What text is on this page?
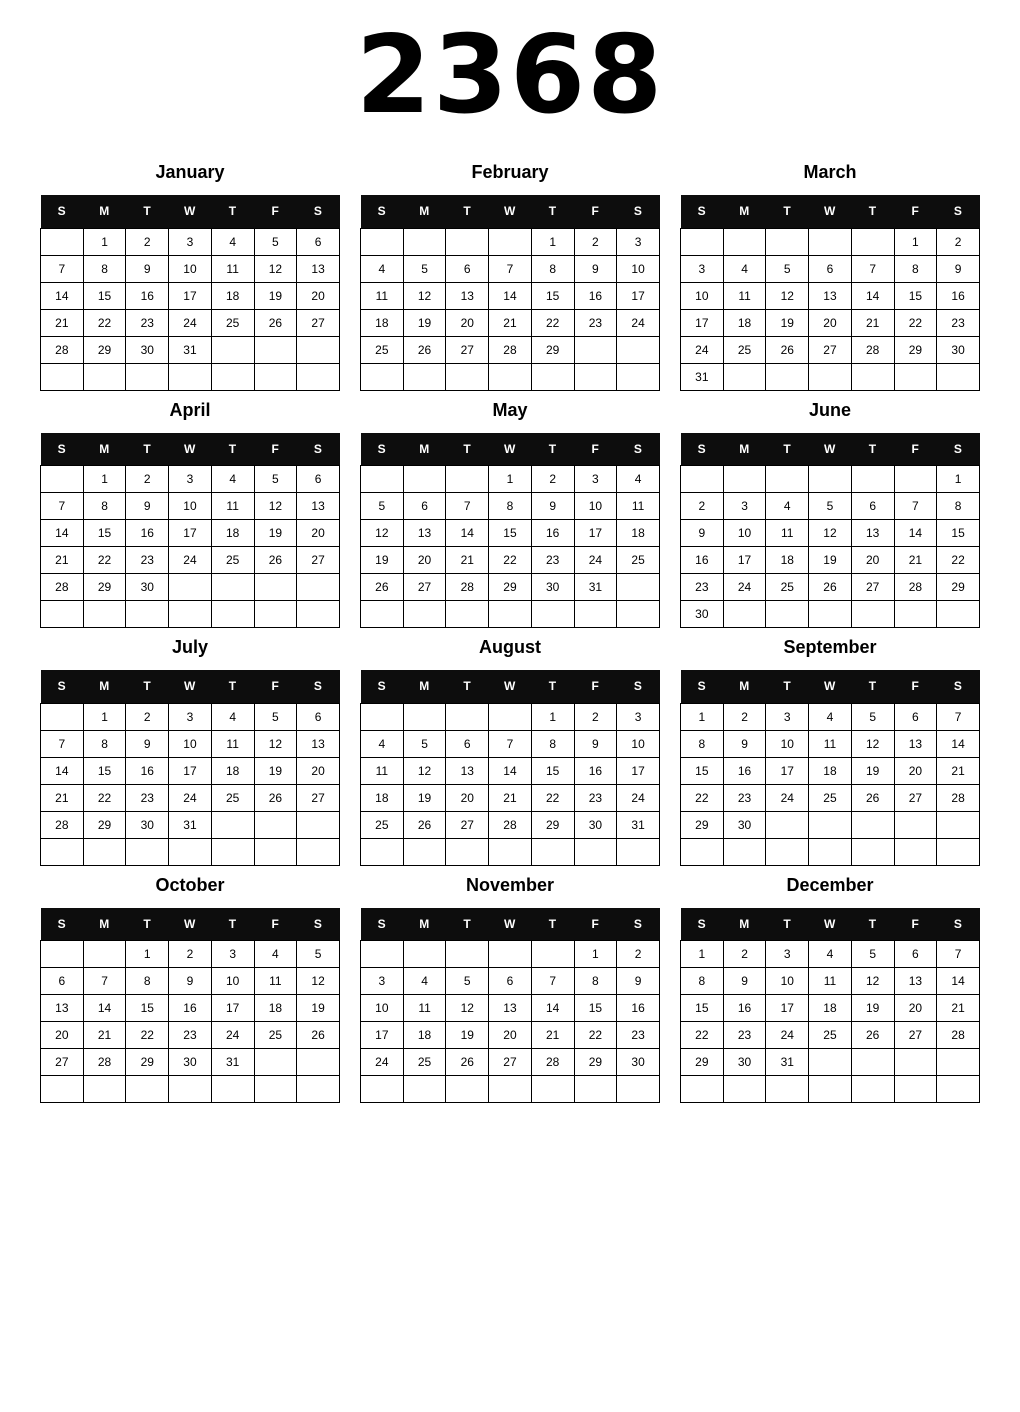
2368
January
S	M	T	W	T	F	S
	1	2	3	4	5	6
7	8	9	10	11	12	13
14	15	16	17	18	19	20
21	22	23	24	25	26	27
28	29	30	31			

February
S	M	T	W	T	F	S
				1	2	3
4	5	6	7	8	9	10
11	12	13	14	15	16	17
18	19	20	21	22	23	24
25	26	27	28	29		

March
S	M	T	W	T	F	S
					1	2
3	4	5	6	7	8	9
10	11	12	13	14	15	16
17	18	19	20	21	22	23
24	25	26	27	28	29	30
31						
April
S	M	T	W	T	F	S
	1	2	3	4	5	6
7	8	9	10	11	12	13
14	15	16	17	18	19	20
21	22	23	24	25	26	27
28	29	30				

May
S	M	T	W	T	F	S
			1	2	3	4
5	6	7	8	9	10	11
12	13	14	15	16	17	18
19	20	21	22	23	24	25
26	27	28	29	30	31	

June
S	M	T	W	T	F	S
						1
2	3	4	5	6	7	8
9	10	11	12	13	14	15
16	17	18	19	20	21	22
23	24	25	26	27	28	29
30						
July
S	M	T	W	T	F	S
	1	2	3	4	5	6
7	8	9	10	11	12	13
14	15	16	17	18	19	20
21	22	23	24	25	26	27
28	29	30	31			

August
S	M	T	W	T	F	S
				1	2	3
4	5	6	7	8	9	10
11	12	13	14	15	16	17
18	19	20	21	22	23	24
25	26	27	28	29	30	31

September
S	M	T	W	T	F	S
1	2	3	4	5	6	7
8	9	10	11	12	13	14
15	16	17	18	19	20	21
22	23	24	25	26	27	28
29	30					

October
S	M	T	W	T	F	S
		1	2	3	4	5
6	7	8	9	10	11	12
13	14	15	16	17	18	19
20	21	22	23	24	25	26
27	28	29	30	31		

November
S	M	T	W	T	F	S
					1	2
3	4	5	6	7	8	9
10	11	12	13	14	15	16
17	18	19	20	21	22	23
24	25	26	27	28	29	30

December
S	M	T	W	T	F	S
1	2	3	4	5	6	7
8	9	10	11	12	13	14
15	16	17	18	19	20	21
22	23	24	25	26	27	28
29	30	31				
